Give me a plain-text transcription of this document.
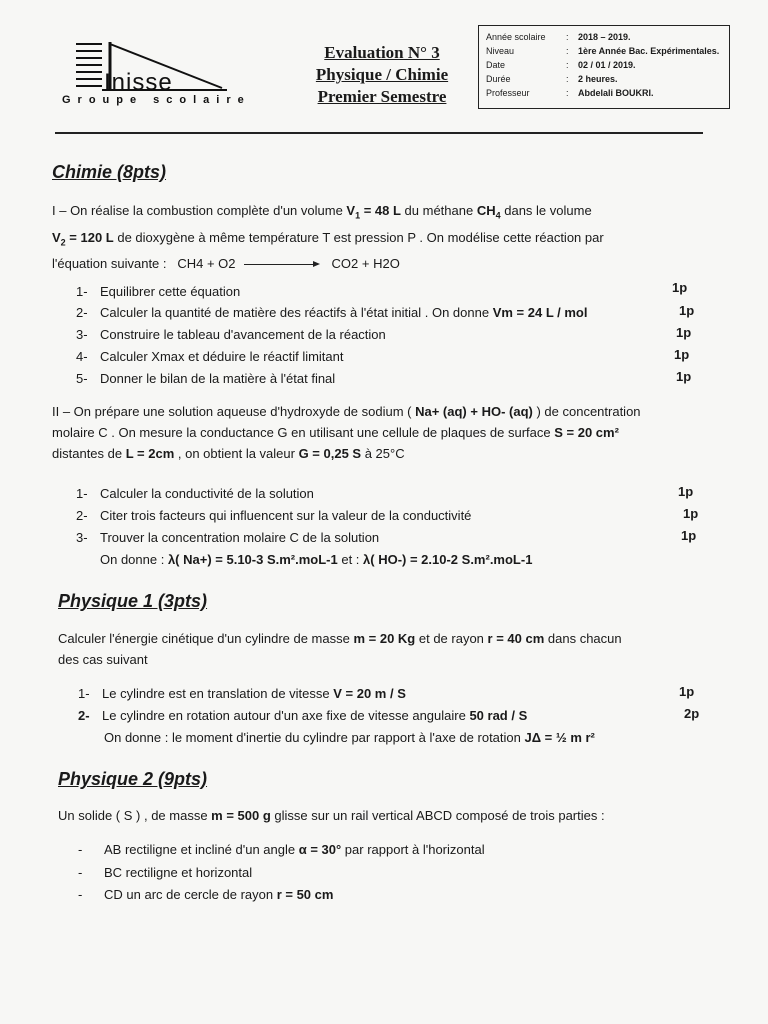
Inisse
Groupe scolaire
Evaluation N° 3
Physique / Chimie
Premier Semestre
Année scolaire	:	2018 – 2019.
Niveau	:	1ère Année Bac. Expérimentales.
Date	:	02 / 01 / 2019.
Durée	:	2 heures.
Professeur	:	Abdelali BOUKRI.
Chimie (8pts)
I – On réalise la combustion complète d'un volume $V_1 = 48$ L du méthane $CH_4$ dans le volume
$V_2 = 120$ L de dioxygène à même température T est pression P . On modélise cette réaction par
l'équation suivante : CH4 + O2	CO2 + H2O
1- Equilibrer cette équation	1p
2- Calculer la quantité de matière des réactifs à l'état initial . On donne Vm = 24 L / mol	1p
3- Construire le tableau d'avancement de la réaction	1p
4- Calculer Xmax et déduire le réactif limitant	1p
5- Donner le bilan de la matière à l'état final	1p
II – On prépare une solution aqueuse d'hydroxyde de sodium ( Na+ (aq) + HO- (aq) ) de concentration
molaire C . On mesure la conductance G en utilisant une cellule de plaques de surface S = 20 cm²
distantes de L = 2cm , on obtient la valeur G = 0,25 S à 25°C
1- Calculer la conductivité de la solution	1p
2- Citer trois facteurs qui influencent sur la valeur de la conductivité	1p
3- Trouver la concentration molaire C de la solution	1p
On donne : λ( Na+) = 5.10-3 S.m².moL-1 et : λ( HO-) = 2.10-2 S.m².moL-1
Physique 1 (3pts)
Calculer l'énergie cinétique d'un cylindre de masse m = 20 Kg et de rayon r = 40 cm dans chacun
des cas suivant
1- Le cylindre est en translation de vitesse V = 20 m / S	1p
2- Le cylindre en rotation autour d'un axe fixe de vitesse angulaire 50 rad / S	2p
On donne : le moment d'inertie du cylindre par rapport à l'axe de rotation JΔ = ½ m r²
Physique 2 (9pts)
Un solide ( S ) , de masse m = 500 g glisse sur un rail vertical ABCD composé de trois parties :
- AB rectiligne et incliné d'un angle α = 30° par rapport à l'horizontal
- BC rectiligne et horizontal
- CD un arc de cercle de rayon r = 50 cm
